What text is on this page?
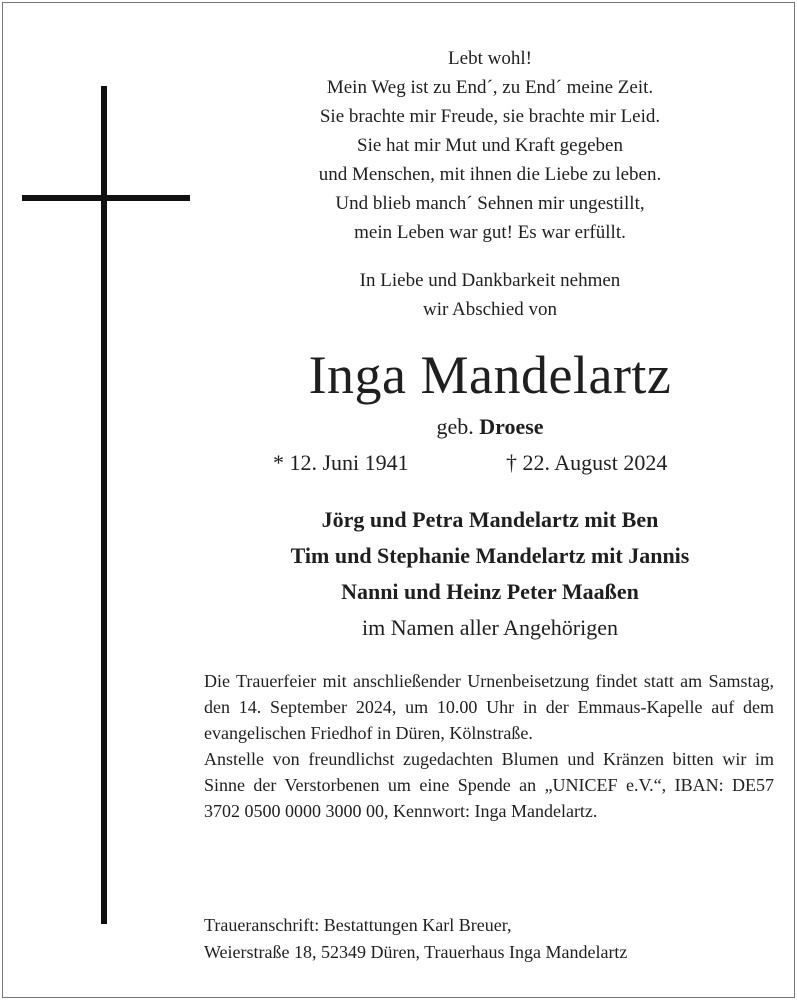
Lebt wohl!
Mein Weg ist zu End´, zu End´ meine Zeit.
Sie brachte mir Freude, sie brachte mir Leid.
Sie hat mir Mut und Kraft gegeben
und Menschen, mit ihnen die Liebe zu leben.
Und blieb manch´ Sehnen mir ungestillt,
mein Leben war gut! Es war erfüllt.
In Liebe und Dankbarkeit nehmen
wir Abschied von
Inga Mandelartz
geb. Droese
* 12. Juni 1941	† 22. August 2024
Jörg und Petra Mandelartz mit Ben
Tim und Stephanie Mandelartz mit Jannis
Nanni und Heinz Peter Maaßen
im Namen aller Angehörigen

Die Trauerfeier mit anschließender Urnenbeisetzung findet statt am Samstag, den 14. September 2024, um 10.00 Uhr in der Emmaus-Kapelle auf dem evangelischen Friedhof in Düren, Kölnstraße.

Anstelle von freundlichst zugedachten Blumen und Kränzen bitten wir im Sinne der Verstorbenen um eine Spende an „UNICEF e.V.“, IBAN: DE57 3702 0500 0000 3000 00, Kennwort: Inga Mandelartz.

Traueranschrift: Bestattungen Karl Breuer,
Weierstraße 18, 52349 Düren, Trauerhaus Inga Mandelartz
